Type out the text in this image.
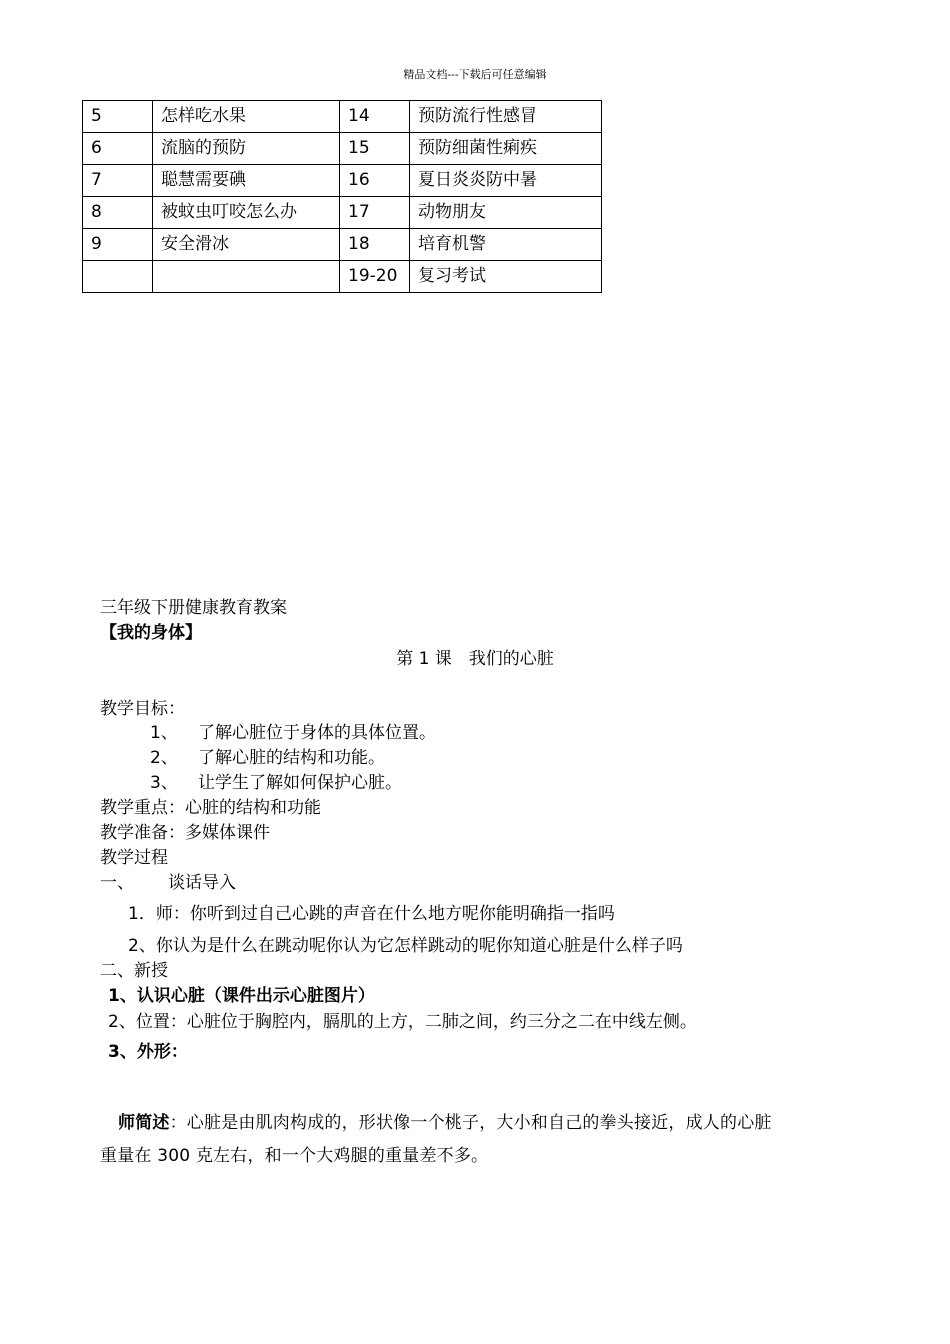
精品文档---下载后可任意编辑
5	怎样吃水果	14	预防流行性感冒
6	流脑的预防	15	预防细菌性痢疾
7	聪慧需要碘	16	夏日炎炎防中暑
8	被蚊虫叮咬怎么办	17	动物朋友
9	安全滑冰	18	培育机警
		19-20	复习考试
三年级下册健康教育教案
【我的身体】
第 1 课　我们的心脏
教学目标：
1、 了解心脏位于身体的具体位置。
2、 了解心脏的结构和功能。
3、 让学生了解如何保护心脏。
教学重点：心脏的结构和功能
教学准备：多媒体课件
教学过程
一、 谈话导入
1．师：你听到过自己心跳的声音在什么地方呢你能明确指一指吗
2、你认为是什么在跳动呢你认为它怎样跳动的呢你知道心脏是什么样子吗
二、新授
1、认识心脏（课件出示心脏图片）
2、位置：心脏位于胸腔内，膈肌的上方，二肺之间，约三分之二在中线左侧。
3、外形：
师简述：心脏是由肌肉构成的，形状像一个桃子，大小和自己的拳头接近，成人的心脏
重量在 300 克左右，和一个大鸡腿的重量差不多。
